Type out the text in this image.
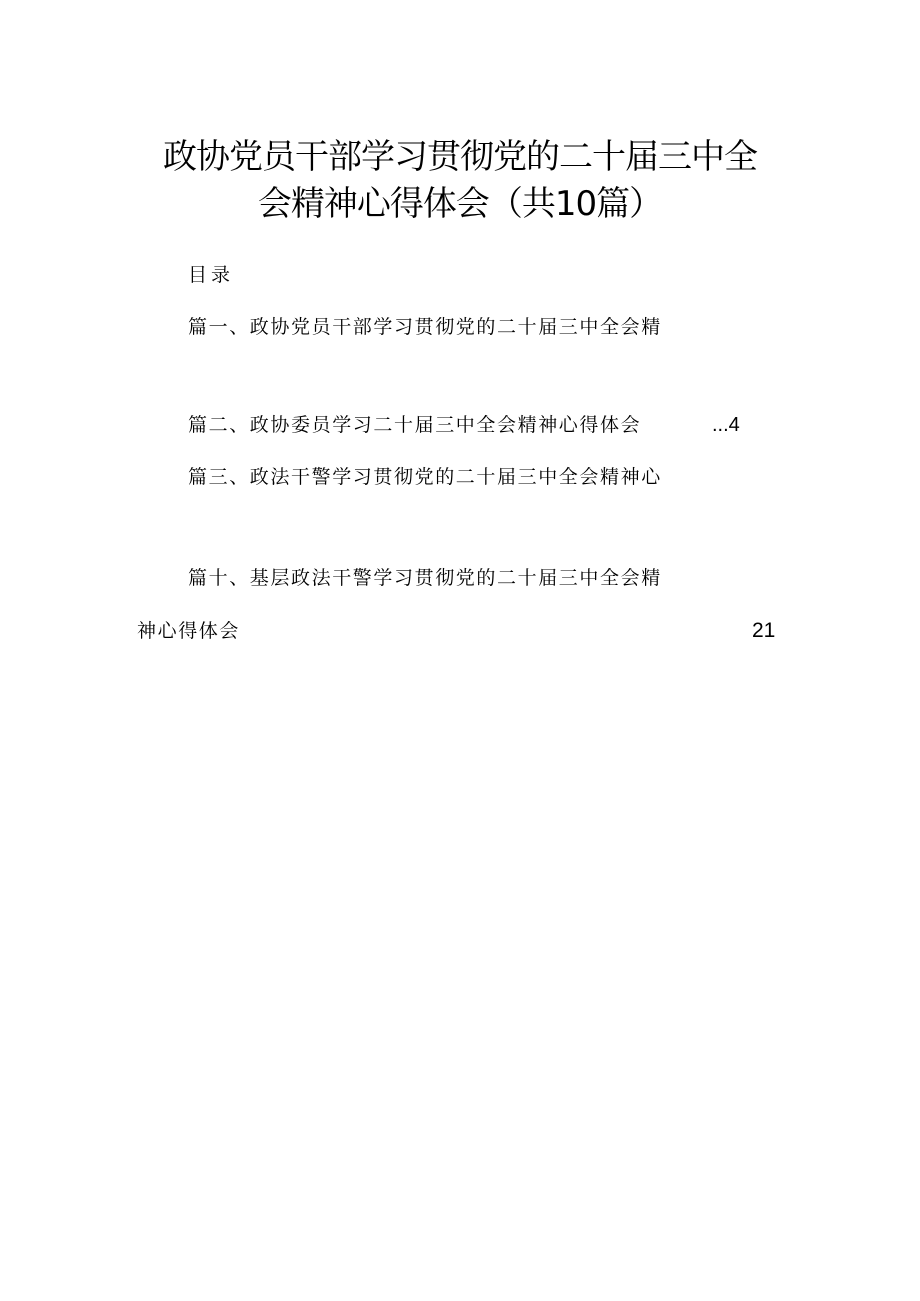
政协党员干部学习贯彻党的二十届三中全
会精神心得体会（共10篇）
目录
篇一、政协党员干部学习贯彻党的二十届三中全会精
篇二、政协委员学习二十届三中全会精神心得体会	...4
篇三、政法干警学习贯彻党的二十届三中全会精神心
篇十、基层政法干警学习贯彻党的二十届三中全会精
神心得体会	21
